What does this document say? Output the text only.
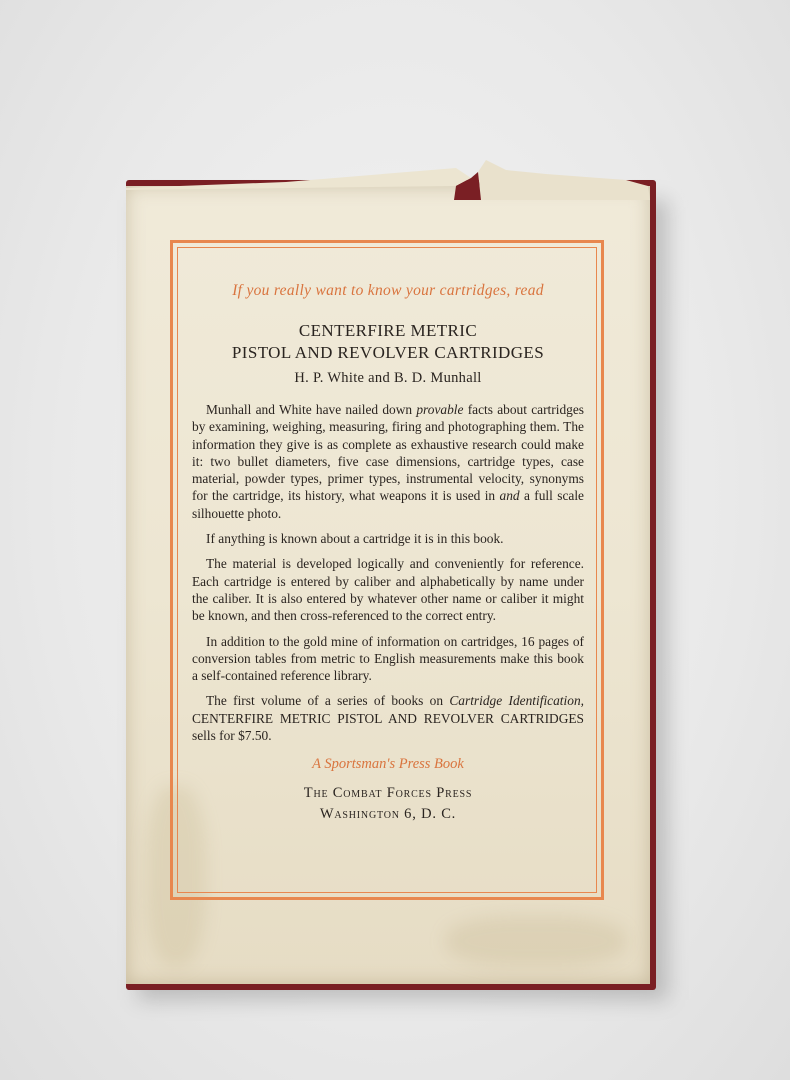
If you really want to know your cartridges, read

CENTERFIRE METRIC
PISTOL AND REVOLVER CARTRIDGES

H. P. White and B. D. Munhall

Munhall and White have nailed down provable facts about cartridges by examining, weighing, measuring, firing and photographing them. The information they give is as complete as exhaustive research could make it: two bullet diameters, five case dimensions, cartridge types, case material, powder types, primer types, instrumental velocity, synonyms for the cartridge, its history, what weapons it is used in and a full scale silhouette photo.

If anything is known about a cartridge it is in this book.

The material is developed logically and conveniently for reference. Each cartridge is entered by caliber and alphabetically by name under the caliber. It is also entered by whatever other name or caliber it might be known, and then cross-referenced to the correct entry.

In addition to the gold mine of information on cartridges, 16 pages of conversion tables from metric to English measurements make this book a self-contained reference library.

The first volume of a series of books on Cartridge Identification, CENTERFIRE METRIC PISTOL AND REVOLVER CARTRIDGES sells for $7.50.

A Sportsman's Press Book

The Combat Forces Press

Washington 6, D. C.
